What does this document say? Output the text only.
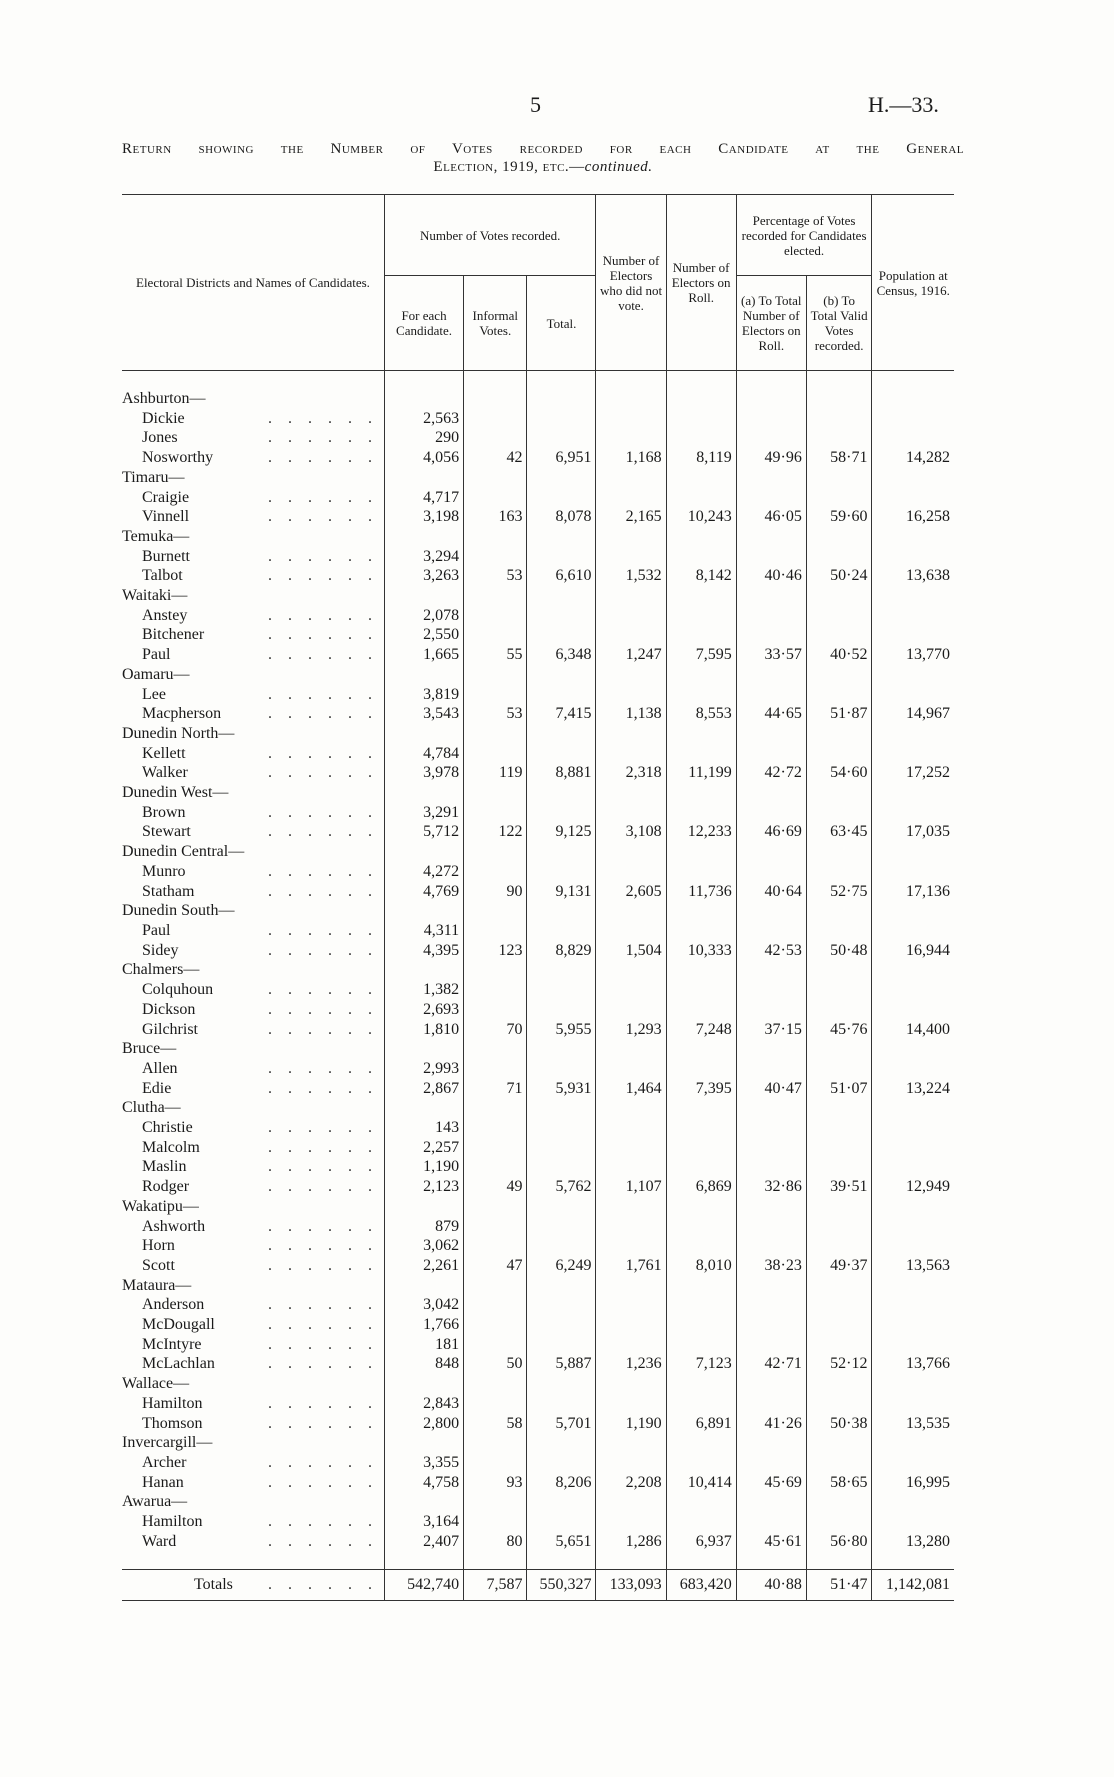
5	H.—33.
Return showing the Number of Votes recorded for each Candidate at the General
Election, 1919, etc.—continued.
Electoral Districts and Names of Candidates.	Number of Votes recorded.			Number of Electors who did not vote.	Number of Electors on Roll.	Percentage of Votes recorded for Candidates elected.		Population at Census, 1916.
	For each Candidate.	Informal Votes.	Total.			(a) To Total Number of Electors on Roll.	(b) To Total Valid Votes recorded.	

Ashburton—								
Dickie . . . . . .	2,563							
Jones . . . . . .	290							
Nosworthy . . . . . .	4,056	42	6,951	1,168	8,119	49·96	58·71	14,282
Timaru—								
Craigie . . . . . .	4,717							
Vinnell . . . . . .	3,198	163	8,078	2,165	10,243	46·05	59·60	16,258
Temuka—								
Burnett . . . . . .	3,294							
Talbot . . . . . .	3,263	53	6,610	1,532	8,142	40·46	50·24	13,638
Waitaki—								
Anstey . . . . . .	2,078							
Bitchener . . . . . .	2,550							
Paul . . . . . .	1,665	55	6,348	1,247	7,595	33·57	40·52	13,770
Oamaru—								
Lee . . . . . .	3,819							
Macpherson . . . . . .	3,543	53	7,415	1,138	8,553	44·65	51·87	14,967
Dunedin North—								
Kellett . . . . . .	4,784							
Walker . . . . . .	3,978	119	8,881	2,318	11,199	42·72	54·60	17,252
Dunedin West—								
Brown . . . . . .	3,291							
Stewart . . . . . .	5,712	122	9,125	3,108	12,233	46·69	63·45	17,035
Dunedin Central—								
Munro . . . . . .	4,272							
Statham . . . . . .	4,769	90	9,131	2,605	11,736	40·64	52·75	17,136
Dunedin South—								
Paul . . . . . .	4,311							
Sidey . . . . . .	4,395	123	8,829	1,504	10,333	42·53	50·48	16,944
Chalmers—								
Colquhoun . . . . . .	1,382							
Dickson . . . . . .	2,693							
Gilchrist . . . . . .	1,810	70	5,955	1,293	7,248	37·15	45·76	14,400
Bruce—								
Allen . . . . . .	2,993							
Edie . . . . . .	2,867	71	5,931	1,464	7,395	40·47	51·07	13,224
Clutha—								
Christie . . . . . .	143							
Malcolm . . . . . .	2,257							
Maslin . . . . . .	1,190							
Rodger . . . . . .	2,123	49	5,762	1,107	6,869	32·86	39·51	12,949
Wakatipu—								
Ashworth . . . . . .	879							
Horn . . . . . .	3,062							
Scott . . . . . .	2,261	47	6,249	1,761	8,010	38·23	49·37	13,563
Mataura—								
Anderson . . . . . .	3,042							
McDougall . . . . . .	1,766							
McIntyre . . . . . .	181							
McLachlan . . . . . .	848	50	5,887	1,236	7,123	42·71	52·12	13,766
Wallace—								
Hamilton . . . . . .	2,843							
Thomson . . . . . .	2,800	58	5,701	1,190	6,891	41·26	50·38	13,535
Invercargill—								
Archer . . . . . .	3,355							
Hanan . . . . . .	4,758	93	8,206	2,208	10,414	45·69	58·65	16,995
Awarua—								
Hamilton . . . . . .	3,164							
Ward . . . . . .	2,407	80	5,651	1,286	6,937	45·61	56·80	13,280

Totals . . . . . .	542,740	7,587	550,327	133,093	683,420	40·88	51·47	1,142,081
